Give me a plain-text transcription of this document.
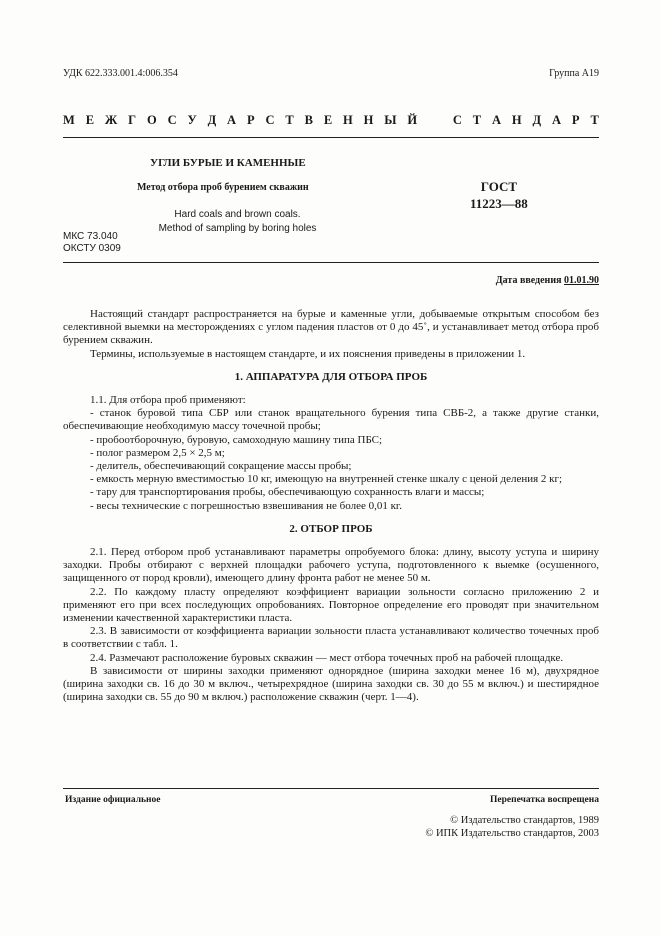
УДК 622.333.001.4:006.354	Группа А19
М Е Ж Г О С У Д А Р С Т В Е Н Н Ы Й	С Т А Н Д А Р Т
УГЛИ БУРЫЕ И КАМЕННЫЕ
Метод отбора проб бурением скважин	ГОСТ
11223—88
Hard coals and brown coals.
Method of sampling by boring holes
МКС 73.040
ОКСТУ 0309
Дата введения 01.01.90

Настоящий стандарт распространяется на бурые и каменные угли, добываемые открытым способом без селективной выемки на месторождениях с углом падения пластов от 0 до 45˚, и устанавливает метод отбора проб бурением скважин.

Термины, используемые в настоящем стандарте, и их пояснения приведены в приложении 1.

1. АППАРАТУРА ДЛЯ ОТБОРА ПРОБ

1.1. Для отбора проб применяют:

- станок буровой типа СБР или станок вращательного бурения типа СВБ-2, а также другие станки, обеспечивающие необходимую массу точечной пробы;

- пробоотборочную, буровую, самоходную машину типа ПБС;

- полог размером 2,5 × 2,5 м;

- делитель, обеспечивающий сокращение массы пробы;

- емкость мерную вместимостью 10 кг, имеющую на внутренней стенке шкалу с ценой деления 2 кг;

- тару для транспортирования пробы, обеспечивающую сохранность влаги и массы;

- весы технические с погрешностью взвешивания не более 0,01 кг.

2. ОТБОР ПРОБ

2.1. Перед отбором проб устанавливают параметры опробуемого блока: длину, высоту уступа и ширину заходки. Пробы отбирают с верхней площадки рабочего уступа, подготовленного к выемке (осушенного, защищенного от пород кровли), имеющего длину фронта работ не менее 50 м.

2.2. По каждому пласту определяют коэффициент вариации зольности согласно приложению 2 и применяют его при всех последующих опробованиях. Повторное определение его проводят при значительном изменении качественной характеристики пласта.

2.3. В зависимости от коэффициента вариации зольности пласта устанавливают количество точечных проб в соответствии с табл. 1.

2.4. Размечают расположение буровых скважин — мест отбора точечных проб на рабочей площадке.

В зависимости от ширины заходки применяют однорядное (ширина заходки менее 16 м), двухрядное (ширина заходки св. 16 до 30 м включ., четырехрядное (ширина заходки св. 30 до 55 м включ.) и шестирядное (ширина заходки св. 55 до 90 м включ.) расположение скважин (черт. 1—4).

Издание официальное	Перепечатка воспрещена
© Издательство стандартов, 1989
© ИПК Издательство стандартов, 2003
